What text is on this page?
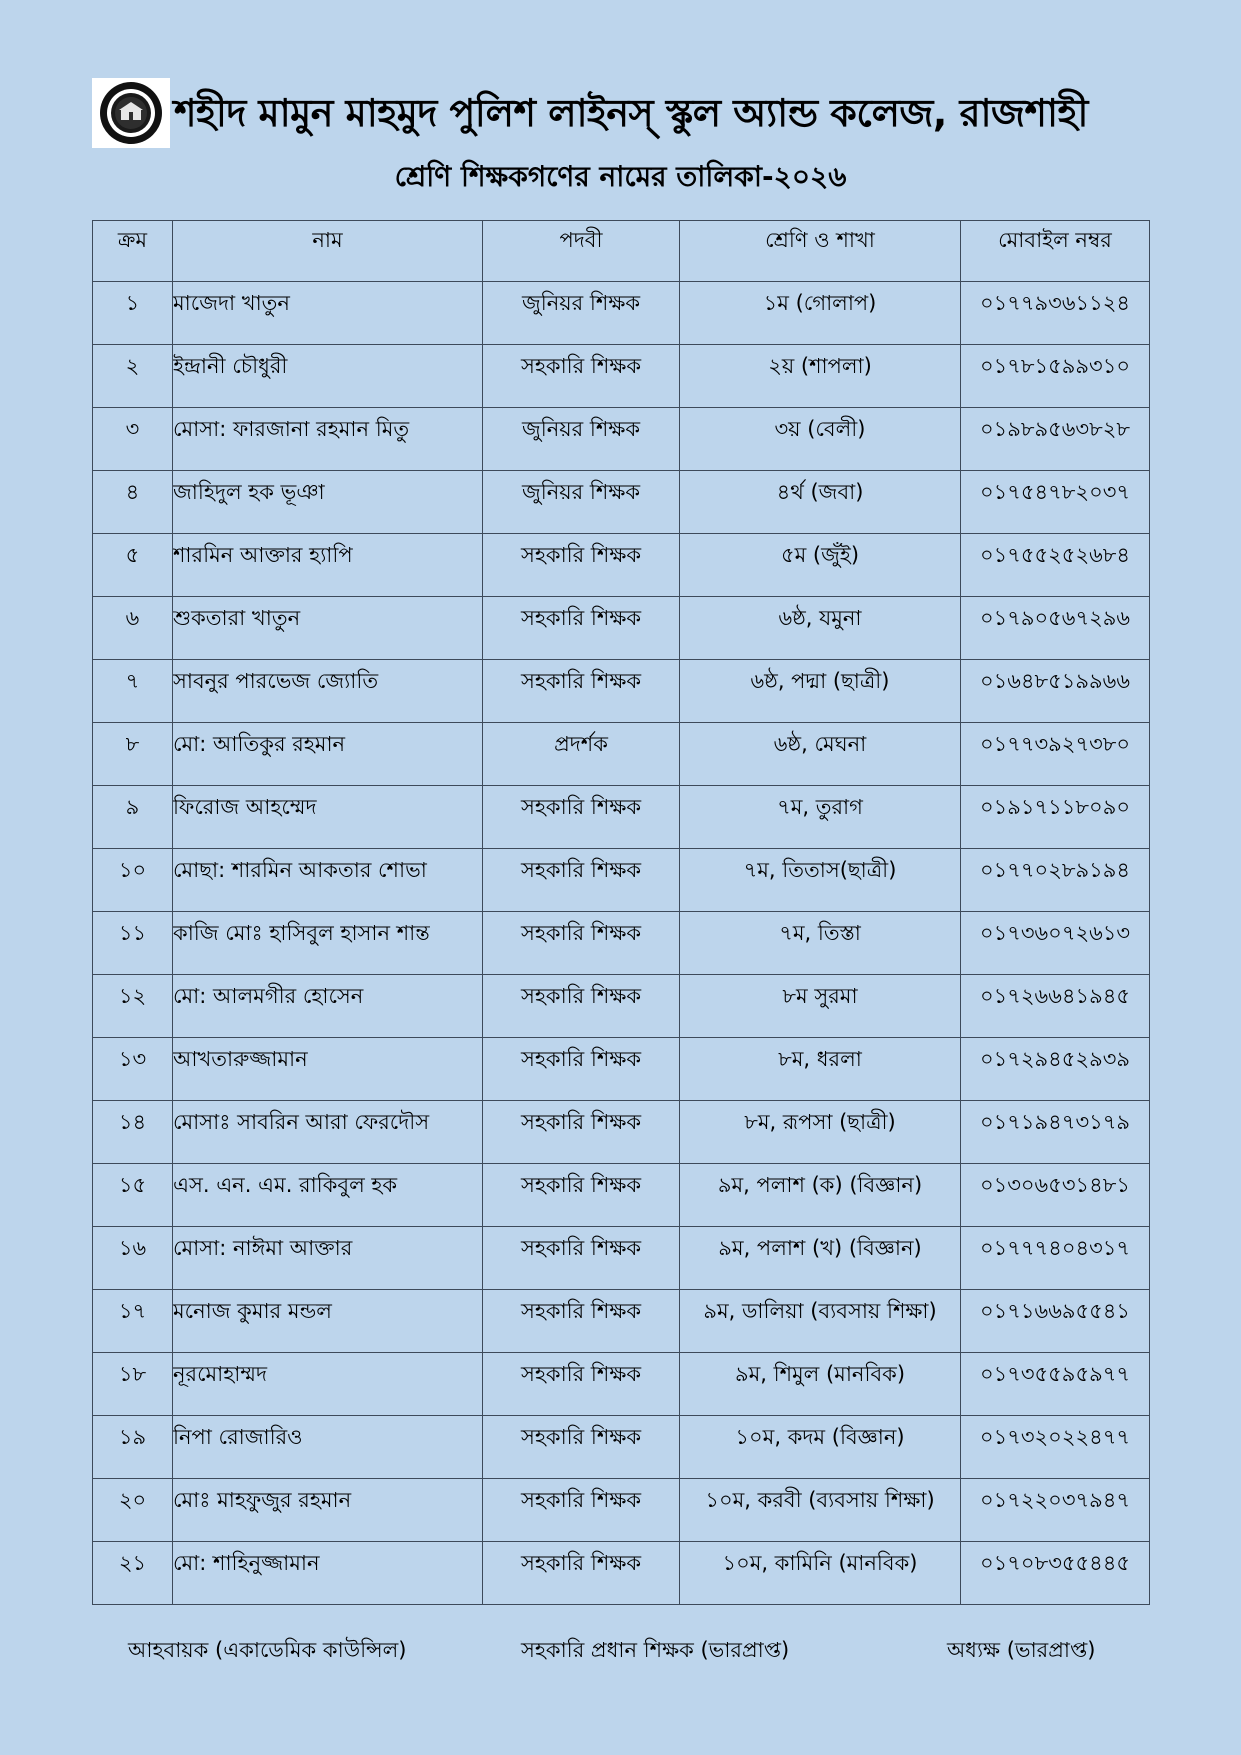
শহীদ মামুন মাহমুদ পুলিশ লাইনস্ স্কুল অ্যান্ড কলেজ, রাজশাহী
শ্রেণি শিক্ষকগণের নামের তালিকা-২০২৬
ক্রম	নাম	পদবী	শ্রেণি ও শাখা	মোবাইল নম্বর
১	মাজেদা খাতুন	জুনিয়র শিক্ষক	১ম (গোলাপ)	০১৭৭৯৩৬১১২৪
২	ইন্দ্রানী চৌধুরী	সহকারি শিক্ষক	২য় (শাপলা)	০১৭৮১৫৯৯৩১০
৩	মোসা: ফারজানা রহমান মিতু	জুনিয়র শিক্ষক	৩য় (বেলী)	০১৯৮৯৫৬৩৮২৮
৪	জাহিদুল হক ভূঞা	জুনিয়র শিক্ষক	৪র্থ (জবা)	০১৭৫৪৭৮২০৩৭
৫	শারমিন আক্তার হ্যাপি	সহকারি শিক্ষক	৫ম (জুঁই)	০১৭৫৫২৫২৬৮৪
৬	শুকতারা খাতুন	সহকারি শিক্ষক	৬ষ্ঠ, যমুনা	০১৭৯০৫৬৭২৯৬
৭	সাবনুর পারভেজ জ্যোতি	সহকারি শিক্ষক	৬ষ্ঠ, পদ্মা (ছাত্রী)	০১৬৪৮৫১৯৯৬৬
৮	মো: আতিকুর রহমান	প্রদর্শক	৬ষ্ঠ, মেঘনা	০১৭৭৩৯২৭৩৮০
৯	ফিরোজ আহম্মেদ	সহকারি শিক্ষক	৭ম, তুরাগ	০১৯১৭১১৮০৯০
১০	মোছা: শারমিন আকতার শোভা	সহকারি শিক্ষক	৭ম, তিতাস(ছাত্রী)	০১৭৭০২৮৯১৯৪
১১	কাজি মোঃ হাসিবুল হাসান শান্ত	সহকারি শিক্ষক	৭ম, তিস্তা	০১৭৩৬০৭২৬১৩
১২	মো: আলমগীর হোসেন	সহকারি শিক্ষক	৮ম সুরমা	০১৭২৬৬৪১৯৪৫
১৩	আখতারুজ্জামান	সহকারি শিক্ষক	৮ম, ধরলা	০১৭২৯৪৫২৯৩৯
১৪	মোসাঃ সাবরিন আরা ফেরদৌস	সহকারি শিক্ষক	৮ম, রূপসা (ছাত্রী)	০১৭১৯৪৭৩১৭৯
১৫	এস. এন. এম. রাকিবুল হক	সহকারি শিক্ষক	৯ম, পলাশ (ক) (বিজ্ঞান)	০১৩০৬৫৩১৪৮১
১৬	মোসা: নাঈমা আক্তার	সহকারি শিক্ষক	৯ম, পলাশ (খ) (বিজ্ঞান)	০১৭৭৭৪০৪৩১৭
১৭	মনোজ কুমার মন্ডল	সহকারি শিক্ষক	৯ম, ডালিয়া (ব্যবসায় শিক্ষা)	০১৭১৬৬৯৫৫৪১
১৮	নূরমোহাম্মদ	সহকারি শিক্ষক	৯ম, শিমুল (মানবিক)	০১৭৩৫৫৯৫৯৭৭
১৯	নিপা রোজারিও	সহকারি শিক্ষক	১০ম, কদম (বিজ্ঞান)	০১৭৩২০২২৪৭৭
২০	মোঃ মাহফুজুর রহমান	সহকারি শিক্ষক	১০ম, করবী (ব্যবসায় শিক্ষা)	০১৭২২০৩৭৯৪৭
২১	মো: শাহিনুজ্জামান	সহকারি শিক্ষক	১০ম, কামিনি (মানবিক)	০১৭০৮৩৫৫৪৪৫
আহবায়ক (একাডেমিক কাউন্সিল)	সহকারি প্রধান শিক্ষক (ভারপ্রাপ্ত)	অধ্যক্ষ (ভারপ্রাপ্ত)
